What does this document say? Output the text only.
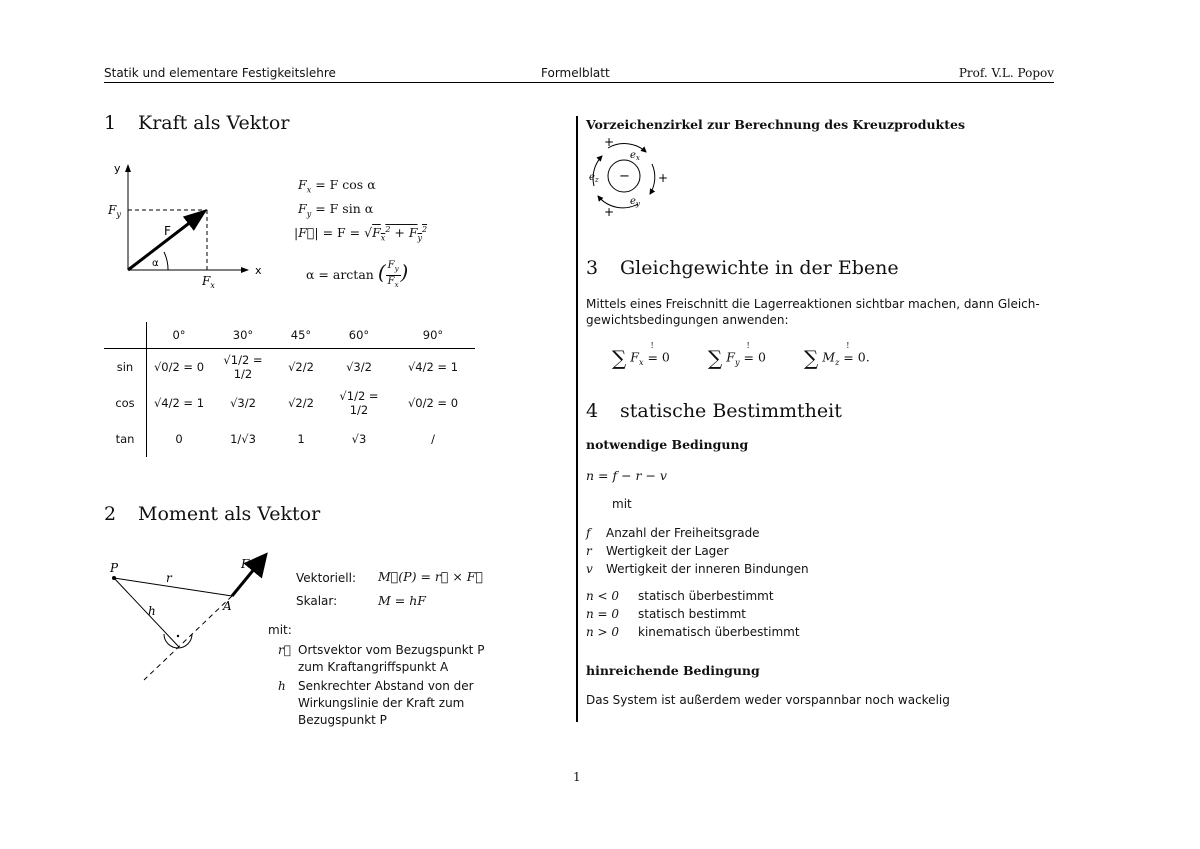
Statik und elementare Festigkeitslehre	Formelblatt	Prof. V.L. Popov
1 Kraft als Vektor
y
x
$F_y$
$F_x$
F
α
$F_x = F$ cos α
$F_y = F$ sin α
|F⃗| = $F = √F_x^2 + F_y^2$
α = arctan ( $\frac{F_y}{F_x}$ )
	0°	30°	45°	60°	90°
sin	√0/2 = 0	√1/2 = 1/2	√2/2	√3/2	√4/2 = 1
cos	√4/2 = 1	√3/2	√2/2	√1/2 = 1/2	√0/2 = 0
tan	0	1/√3	1	√3	/
2 Moment als Vektor
P
A
r
h
F
Vektoriell: M⃗(P) = r⃗ × F⃗
Skalar:	M = hF
mit:
r⃗ Ortsvektor vom Bezugspunkt P zum Kraftangriffspunkt A
h	Senkrechter Abstand von der Wirkungslinie der Kraft zum Bezugspunkt P
Vorzeichenzirkel zur Berechnung des Kreuzproduktes
−
$e_x$
$e_y$
$e_z$
+
+
+
3 Gleichgewichte in der Ebene
Mittels eines Freischnitt die Lagerreaktionen sichtbar machen, dann Gleich-gewichtsbedingungen anwenden:
∑ $F_x$ =
!
0 ∑ $F_y$ =
!
0 ∑ $M_z$ =
!
0.
4 statische Bestimmtheit
notwendige Bedingung
n = f − r − v
mit
f	Anzahl der Freiheitsgrade
r	Wertigkeit der Lager
v	Wertigkeit der inneren Bindungen
n < 0	statisch überbestimmt
n = 0	statisch bestimmt
n > 0	kinematisch überbestimmt
hinreichende Bedingung
Das System ist außerdem weder vorspannbar noch wackelig
1
